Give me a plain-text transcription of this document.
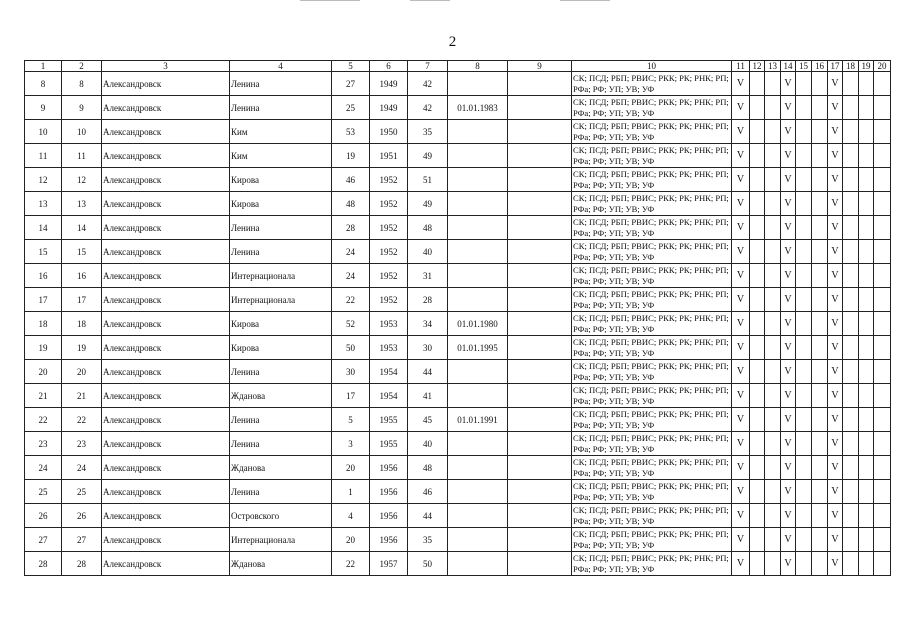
2
1	2	3	4	5	6	7	8	9	10	11	12	13	14	15	16	17	18	19	20
8	8	Александровск	Ленина	27	1949	42			СК; ПСД; РБП; РВИС; РКК; РК; РНК; РП; РФа; РФ; УП; УВ; УФ	V			V			V			
9	9	Александровск	Ленина	25	1949	42	01.01.1983		СК; ПСД; РБП; РВИС; РКК; РК; РНК; РП; РФа; РФ; УП; УВ; УФ	V			V			V			
10	10	Александровск	Ким	53	1950	35			СК; ПСД; РБП; РВИС; РКК; РК; РНК; РП; РФа; РФ; УП; УВ; УФ	V			V			V			
11	11	Александровск	Ким	19	1951	49			СК; ПСД; РБП; РВИС; РКК; РК; РНК; РП; РФа; РФ; УП; УВ; УФ	V			V			V			
12	12	Александровск	Кирова	46	1952	51			СК; ПСД; РБП; РВИС; РКК; РК; РНК; РП; РФа; РФ; УП; УВ; УФ	V			V			V			
13	13	Александровск	Кирова	48	1952	49			СК; ПСД; РБП; РВИС; РКК; РК; РНК; РП; РФа; РФ; УП; УВ; УФ	V			V			V			
14	14	Александровск	Ленина	28	1952	48			СК; ПСД; РБП; РВИС; РКК; РК; РНК; РП; РФа; РФ; УП; УВ; УФ	V			V			V			
15	15	Александровск	Ленина	24	1952	40			СК; ПСД; РБП; РВИС; РКК; РК; РНК; РП; РФа; РФ; УП; УВ; УФ	V			V			V			
16	16	Александровск	Интернационала	24	1952	31			СК; ПСД; РБП; РВИС; РКК; РК; РНК; РП; РФа; РФ; УП; УВ; УФ	V			V			V			
17	17	Александровск	Интернационала	22	1952	28			СК; ПСД; РБП; РВИС; РКК; РК; РНК; РП; РФа; РФ; УП; УВ; УФ	V			V			V			
18	18	Александровск	Кирова	52	1953	34	01.01.1980		СК; ПСД; РБП; РВИС; РКК; РК; РНК; РП; РФа; РФ; УП; УВ; УФ	V			V			V			
19	19	Александровск	Кирова	50	1953	30	01.01.1995		СК; ПСД; РБП; РВИС; РКК; РК; РНК; РП; РФа; РФ; УП; УВ; УФ	V			V			V			
20	20	Александровск	Ленина	30	1954	44			СК; ПСД; РБП; РВИС; РКК; РК; РНК; РП; РФа; РФ; УП; УВ; УФ	V			V			V			
21	21	Александровск	Жданова	17	1954	41			СК; ПСД; РБП; РВИС; РКК; РК; РНК; РП; РФа; РФ; УП; УВ; УФ	V			V			V			
22	22	Александровск	Ленина	5	1955	45	01.01.1991		СК; ПСД; РБП; РВИС; РКК; РК; РНК; РП; РФа; РФ; УП; УВ; УФ	V			V			V			
23	23	Александровск	Ленина	3	1955	40			СК; ПСД; РБП; РВИС; РКК; РК; РНК; РП; РФа; РФ; УП; УВ; УФ	V			V			V			
24	24	Александровск	Жданова	20	1956	48			СК; ПСД; РБП; РВИС; РКК; РК; РНК; РП; РФа; РФ; УП; УВ; УФ	V			V			V			
25	25	Александровск	Ленина	1	1956	46			СК; ПСД; РБП; РВИС; РКК; РК; РНК; РП; РФа; РФ; УП; УВ; УФ	V			V			V			
26	26	Александровск	Островского	4	1956	44			СК; ПСД; РБП; РВИС; РКК; РК; РНК; РП; РФа; РФ; УП; УВ; УФ	V			V			V			
27	27	Александровск	Интернационала	20	1956	35			СК; ПСД; РБП; РВИС; РКК; РК; РНК; РП; РФа; РФ; УП; УВ; УФ	V			V			V			
28	28	Александровск	Жданова	22	1957	50			СК; ПСД; РБП; РВИС; РКК; РК; РНК; РП; РФа; РФ; УП; УВ; УФ	V			V			V			
